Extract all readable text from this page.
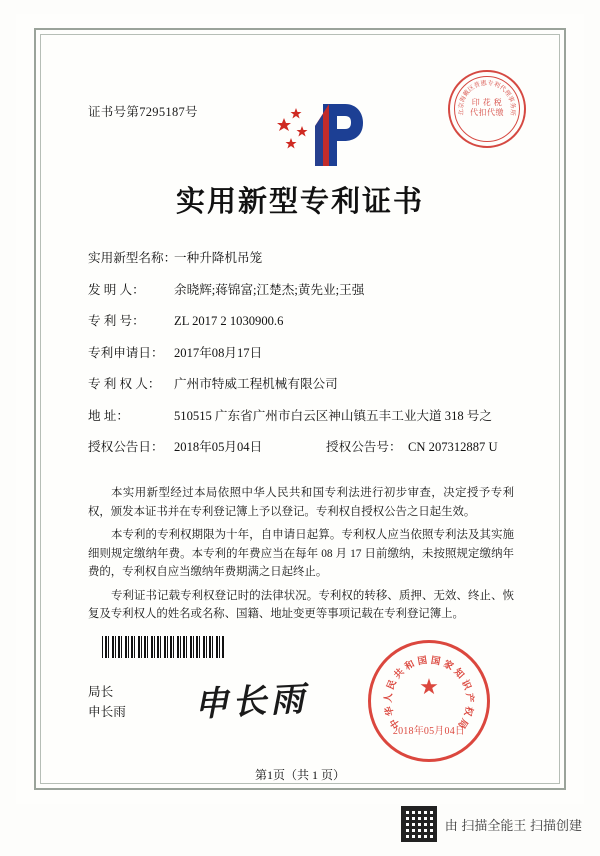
证书号第7295187号	北
京
海
戴
区
普
惠 专
利
代
理
事
务
所
印 花 税
代扣代缴
实用新型专利证书
实用新型名称：
一种升降机吊笼
发 明 人：	余晓辉;蒋锦富;江楚杰;黄先业;王强
专 利 号：	ZL 2017 2 1030900.6
专利申请日： 2017年08月17日
专 利 权 人：	广州市特威工程机械有限公司
地 址：	510515 广东省广州市白云区神山镇五丰工业大道 318 号之
授权公告日： 2018年05月04日	授权公告号： CN 207312887 U

本实用新型经过本局依照中华人民共和国专利法进行初步审查，决定授予专利权，颁发本证书并在专利登记簿上予以登记。专利权自授权公告之日起生效。

本专利的专利权期限为十年，自申请日起算。专利权人应当依照专利法及其实施细则规定缴纳年费。本专利的年费应当在每年 08 月 17 日前缴纳，未按照规定缴纳年费的，专利权自应当缴纳年费期满之日起终止。

专利证书记载专利权登记时的法律状况。专利权的转移、质押、无效、终止、恢复及专利权人的姓名或名称、国籍、地址变更等事项记载在专利登记簿上。

局长
申长雨 申长雨	中
华
人
民
共
和 国 国 家
知
识
产
权
局
★
2018年05月04日
第1页（共 1 页）
由 扫描全能王 扫描创建
